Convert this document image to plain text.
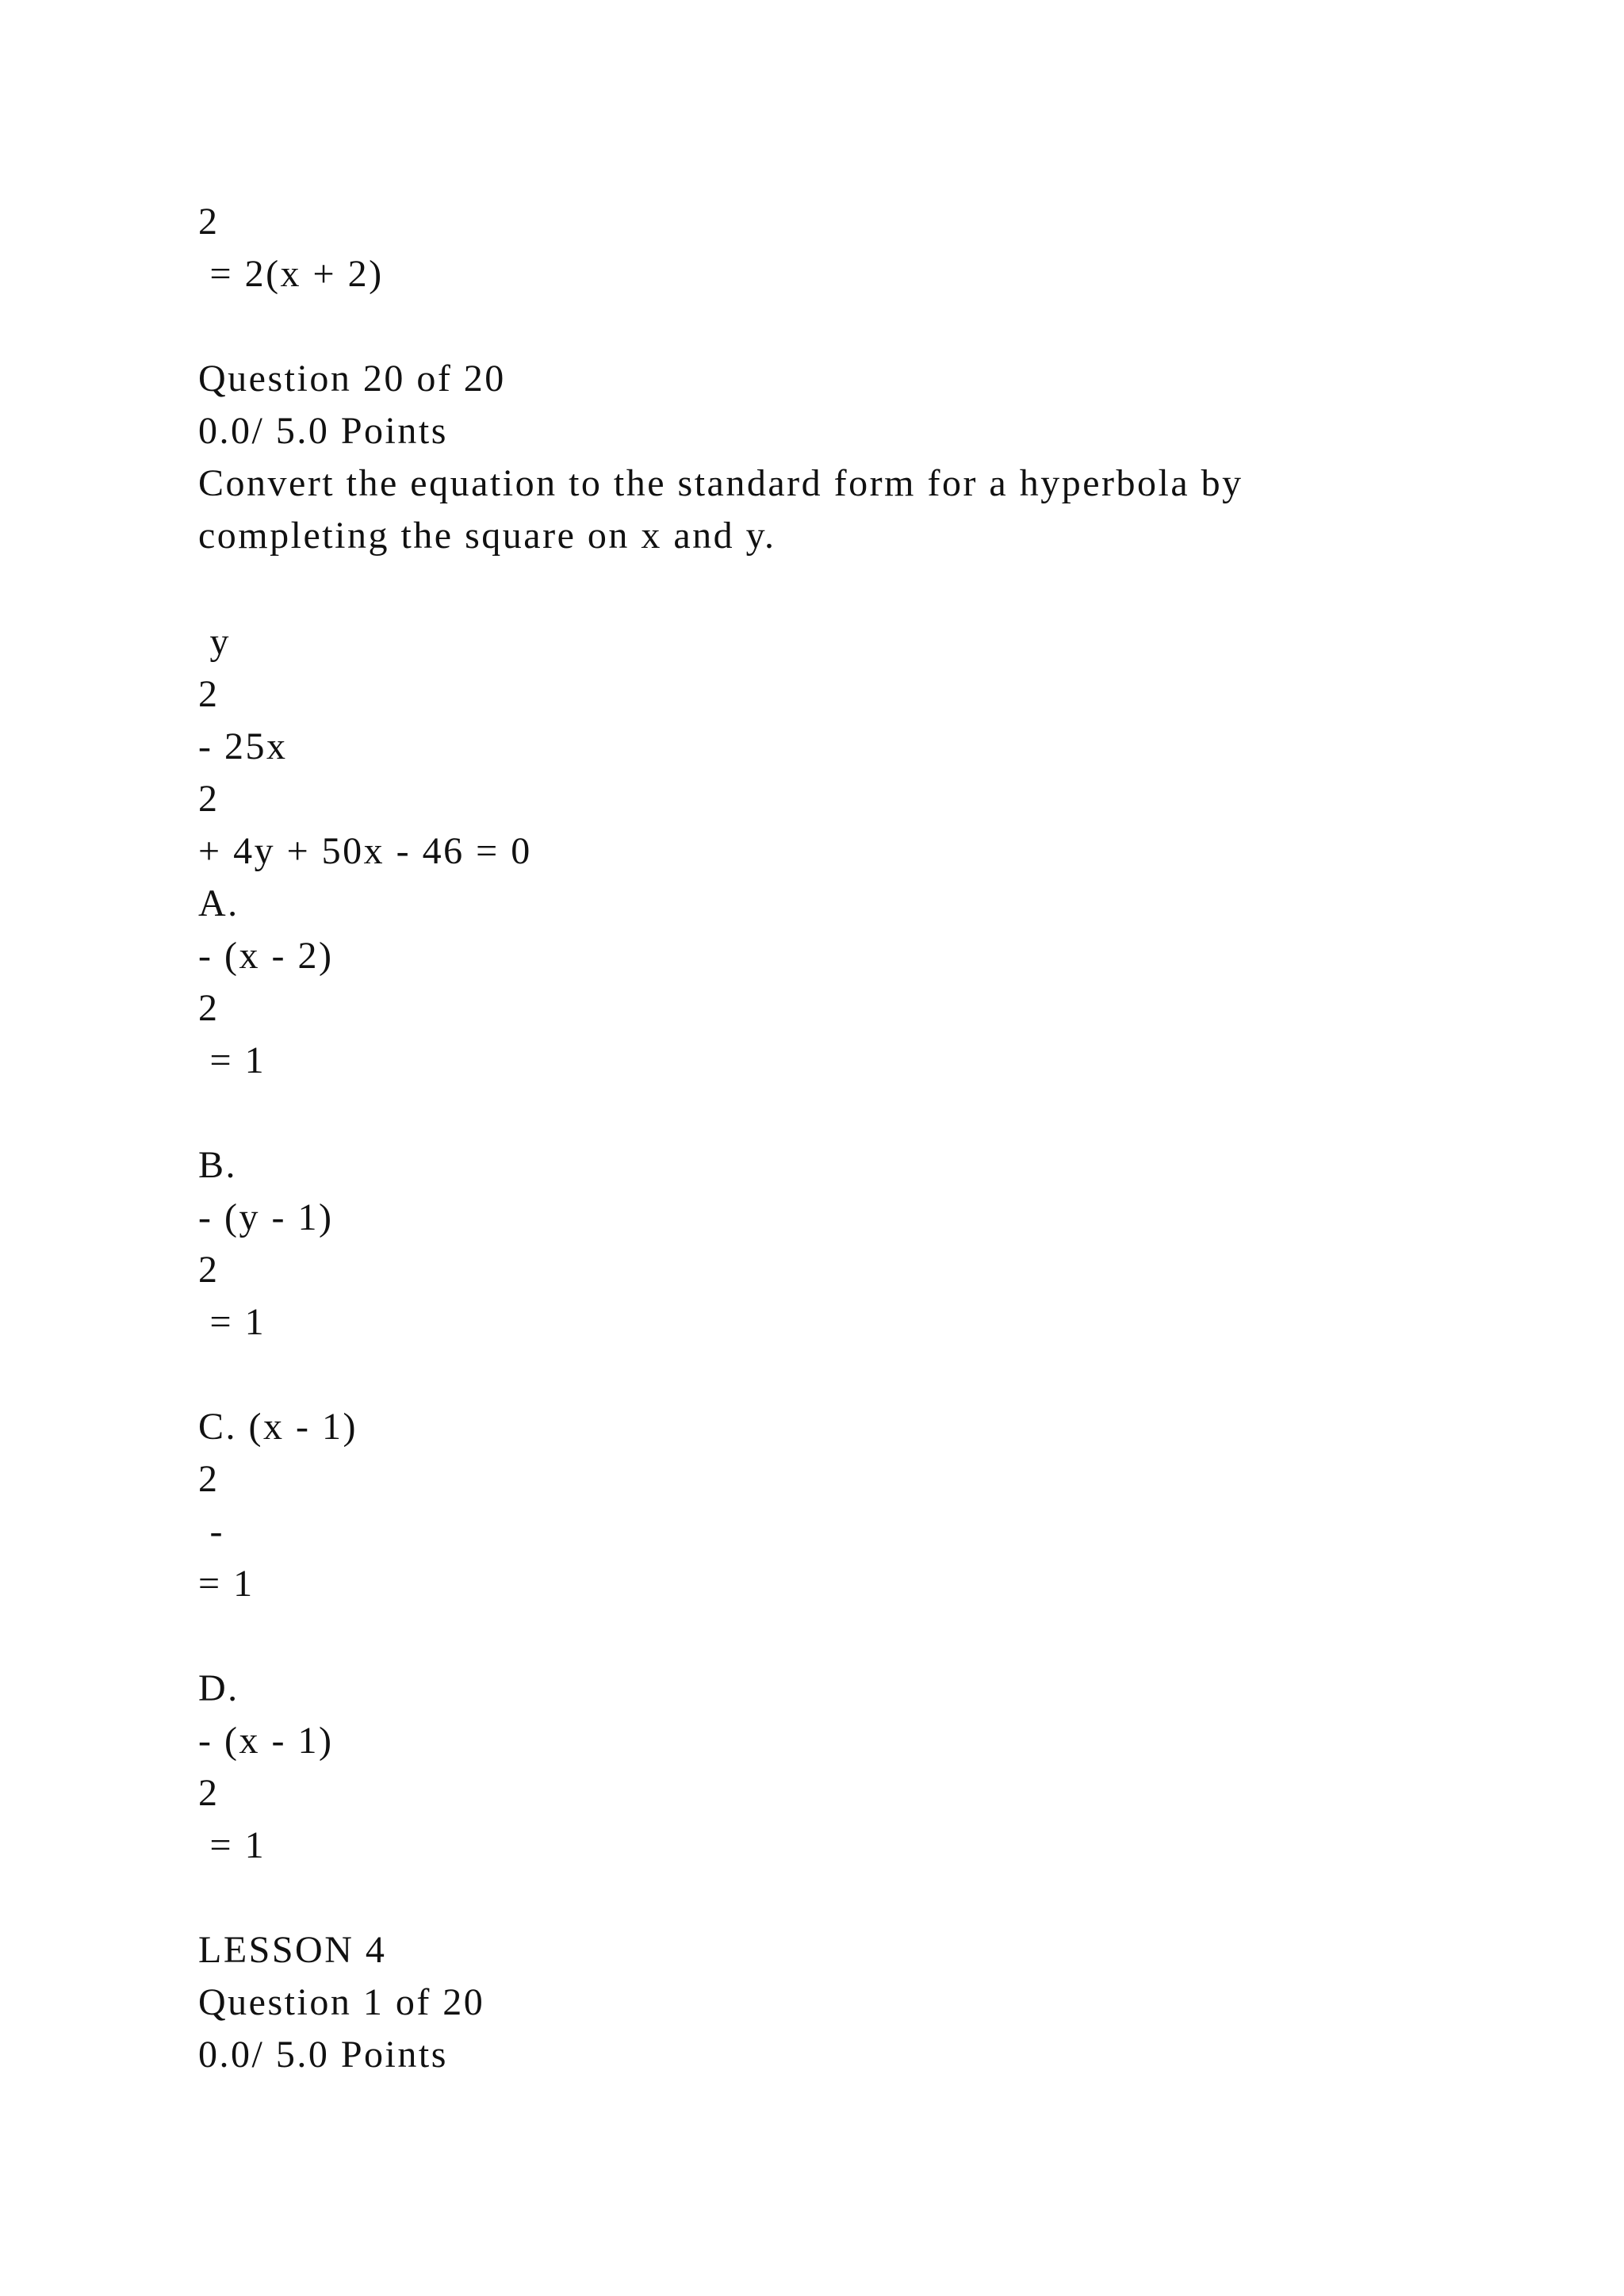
2

= 2(x + 2)

Question 20 of 20

0.0/ 5.0 Points

Convert the equation to the standard form for a hyperbola by

completing the square on x and y.

y

2

- 25x

2

+ 4y + 50x - 46 = 0

A.

- (x - 2)

2

= 1

B.

- (y - 1)

2

= 1

C. (x - 1)

2

-

= 1

D.

- (x - 1)

2

= 1

LESSON 4

Question 1 of 20

0.0/ 5.0 Points
